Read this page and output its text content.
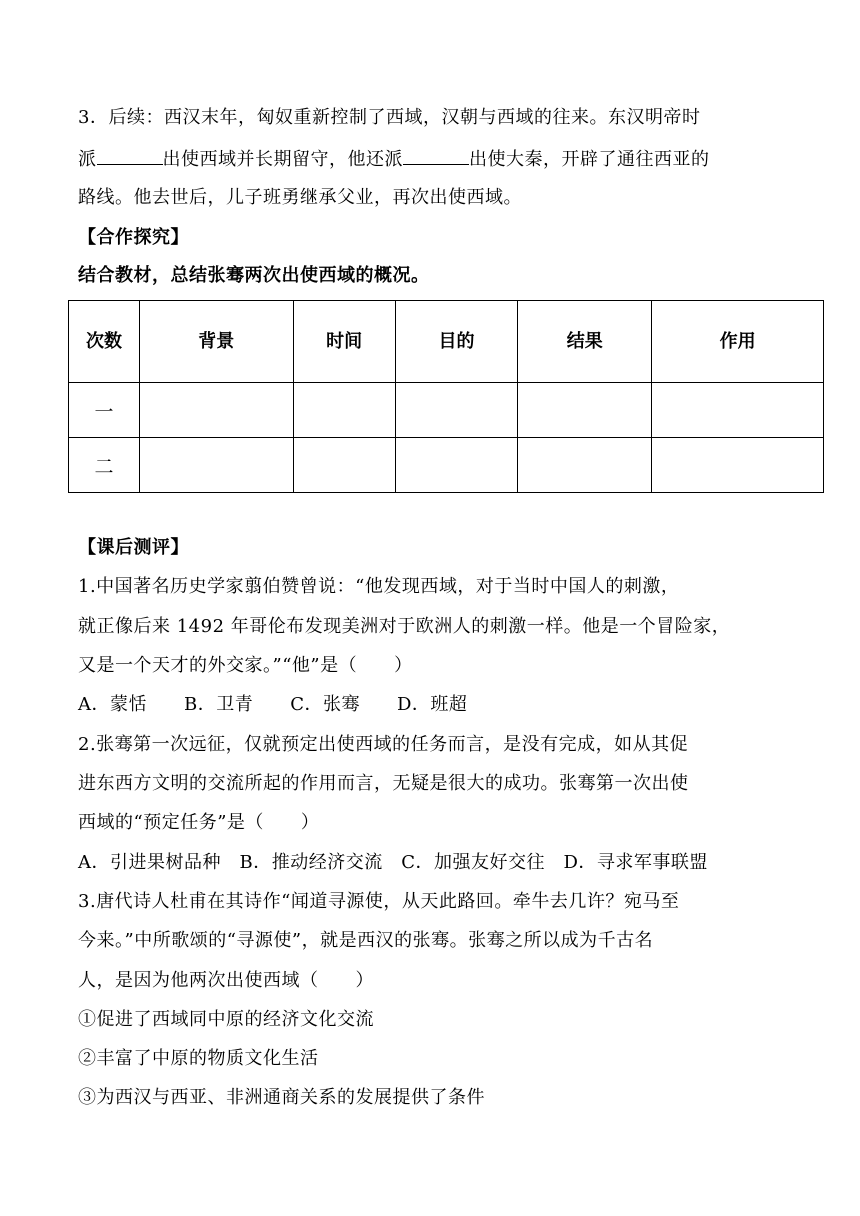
3．后续：西汉末年，匈奴重新控制了西域，汉朝与西域的往来。东汉明帝时
派	出使西域并长期留守，他还派	出使大秦，开辟了通往西亚的
路线。他去世后，儿子班勇继承父业，再次出使西域。
【合作探究】
结合教材，总结张骞两次出使西域的概况。
次数	背景	时间	目的	结果	作用
一					
二					
【课后测评】
1.中国著名历史学家翦伯赞曾说：“他发现西域，对于当时中国人的刺激，
就正像后来 1492 年哥伦布发现美洲对于欧洲人的刺激一样。他是一个冒险家，
又是一个天才的外交家。”“他”是（　　）
A．蒙恬　　B．卫青　　C．张骞　　D．班超
2.张骞第一次远征，仅就预定出使西域的任务而言，是没有完成，如从其促
进东西方文明的交流所起的作用而言，无疑是很大的成功。张骞第一次出使
西域的“预定任务”是（　　）
A．引进果树品种　B．推动经济交流　C．加强友好交往　D．寻求军事联盟
3.唐代诗人杜甫在其诗作“闻道寻源使，从天此路回。牵牛去几许？宛马至
今来。”中所歌颂的“寻源使”，就是西汉的张骞。张骞之所以成为千古名
人，是因为他两次出使西域（　　）
①促进了西域同中原的经济文化交流
②丰富了中原的物质文化生活
③为西汉与西亚、非洲通商关系的发展提供了条件
